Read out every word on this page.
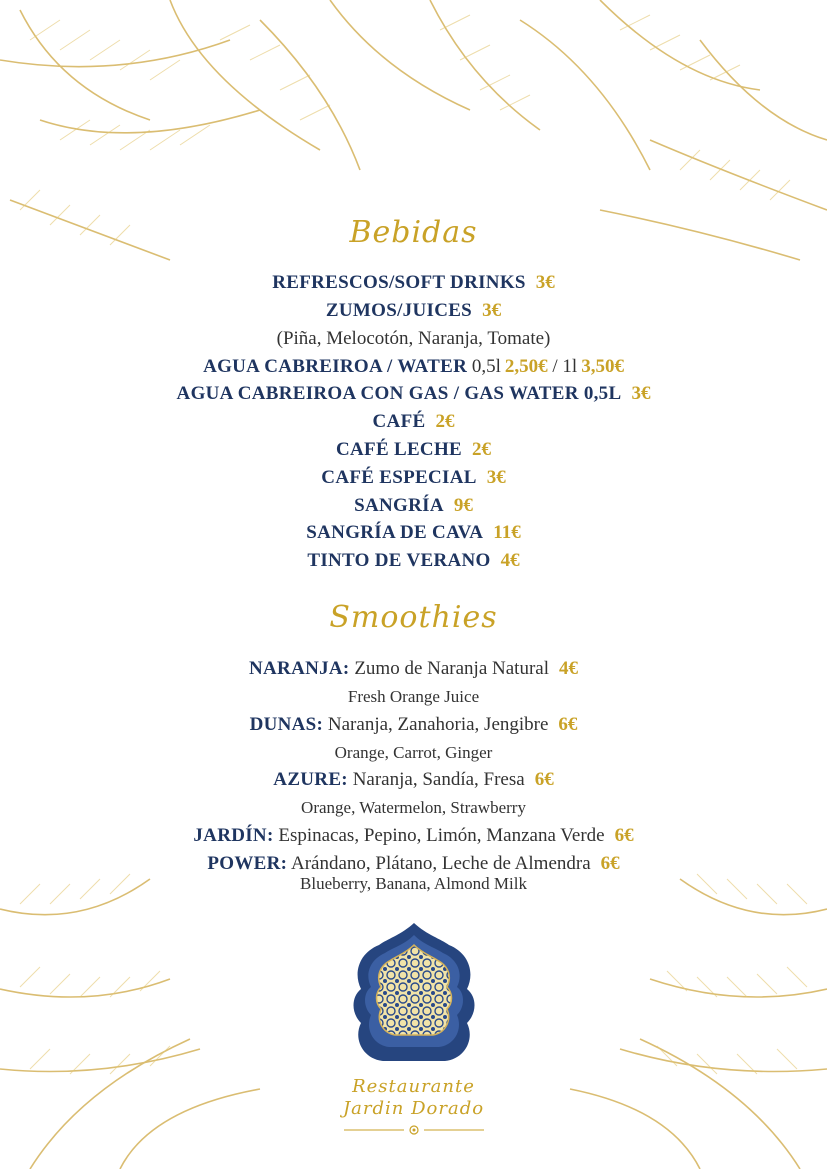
Bebidas
REFRESCOS/SOFT DRINKS 3€
ZUMOS/JUICES 3€
(Piña, Melocotón, Naranja, Tomate)
AGUA CABREIROA / WATER 0,5l 2,50€ / 1l 3,50€
AGUA CABREIROA CON GAS / GAS WATER 0,5L 3€
CAFÉ 2€
CAFÉ LECHE 2€
CAFÉ ESPECIAL 3€
SANGRÍA 9€
SANGRÍA DE CAVA 11€
TINTO DE VERANO 4€
Smoothies
NARANJA: Zumo de Naranja Natural 4€
Fresh Orange Juice
DUNAS: Naranja, Zanahoria, Jengibre 6€
Orange, Carrot, Ginger
AZURE: Naranja, Sandía, Fresa 6€
Orange, Watermelon, Strawberry
JARDÍN: Espinacas, Pepino, Limón, Manzana Verde 6€
POWER: Arándano, Plátano, Leche de Almendra 6€
Blueberry, Banana, Almond Milk
Restaurante
Jardin Dorado
